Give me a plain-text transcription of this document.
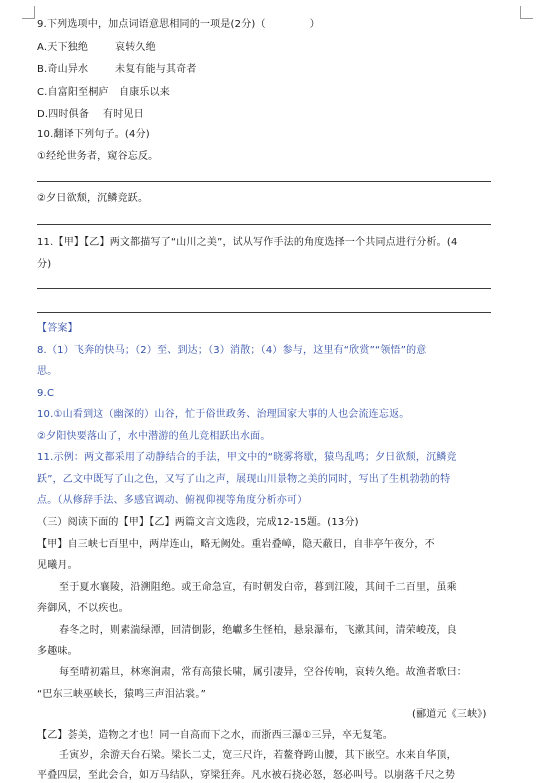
9.下列选项中，加点词语意思相同的一项是(2分)（	）
A.天下独绝	哀转久绝
B.奇山异水	未复有能与其奇者
C.自富阳至桐庐 自康乐以来
D.四时俱备 有时见日
10.翻译下列句子。(4分)
①经纶世务者，窥谷忘反。
②夕日欲颓，沉鳞竞跃。
11.【甲】【乙】两文都描写了“山川之美”，试从写作手法的角度选择一个共同点进行分析。(4
分)
【答案】
8.（1）飞奔的快马；（2）至、到达；（3）消散；（4）参与，这里有“欣赏”“领悟”的意
思。
9.C
10.①山看到这（幽深的）山谷，忙于俗世政务、治理国家大事的人也会流连忘返。
②夕阳快要落山了，水中潜游的鱼儿竞相跃出水面。
11.示例：两文都采用了动静结合的手法，甲文中的“晓雾将歇，猿鸟乱鸣；夕日欲颓，沉鳞竞
跃”，乙文中既写了山之色，又写了山之声，展现山川景物之美的同时，写出了生机勃勃的特
点。（从修辞手法、多感官调动、俯视仰视等角度分析亦可）
（三）阅读下面的【甲】【乙】两篇文言文选段，完成12-15题。(13分)
【甲】自三峡七百里中，两岸连山，略无阙处。重岩叠嶂，隐天蔽日，自非亭午夜分，不
见曦月。
至于夏水襄陵，沿溯阻绝。或王命急宣，有时朝发白帝，暮到江陵，其间千二百里，虽乘
奔御风，不以疾也。
春冬之时，则素湍绿潭，回清倒影，绝巘多生怪柏，悬泉瀑布，飞漱其间，清荣峻茂，良
多趣味。
每至晴初霜旦，林寒涧肃，常有高猿长啸，属引凄异，空谷传响，哀转久绝。故渔者歌曰：
“巴东三峡巫峡长，猿鸣三声泪沾裳。”
(郦道元《三峡》)
【乙】荟美，造物之才也！同一自高而下之水，而浙西三瀑①三异，卒无复笔。
壬寅岁，余游天台石梁。梁长二丈，宽三尺许，若鳌脊跨山腰，其下嵌空。水来自华顶，
平叠四层，至此会合，如万马结队，穿梁狂奔。凡水被石挠必怒，怒必叫号。以崩落千尺之势
